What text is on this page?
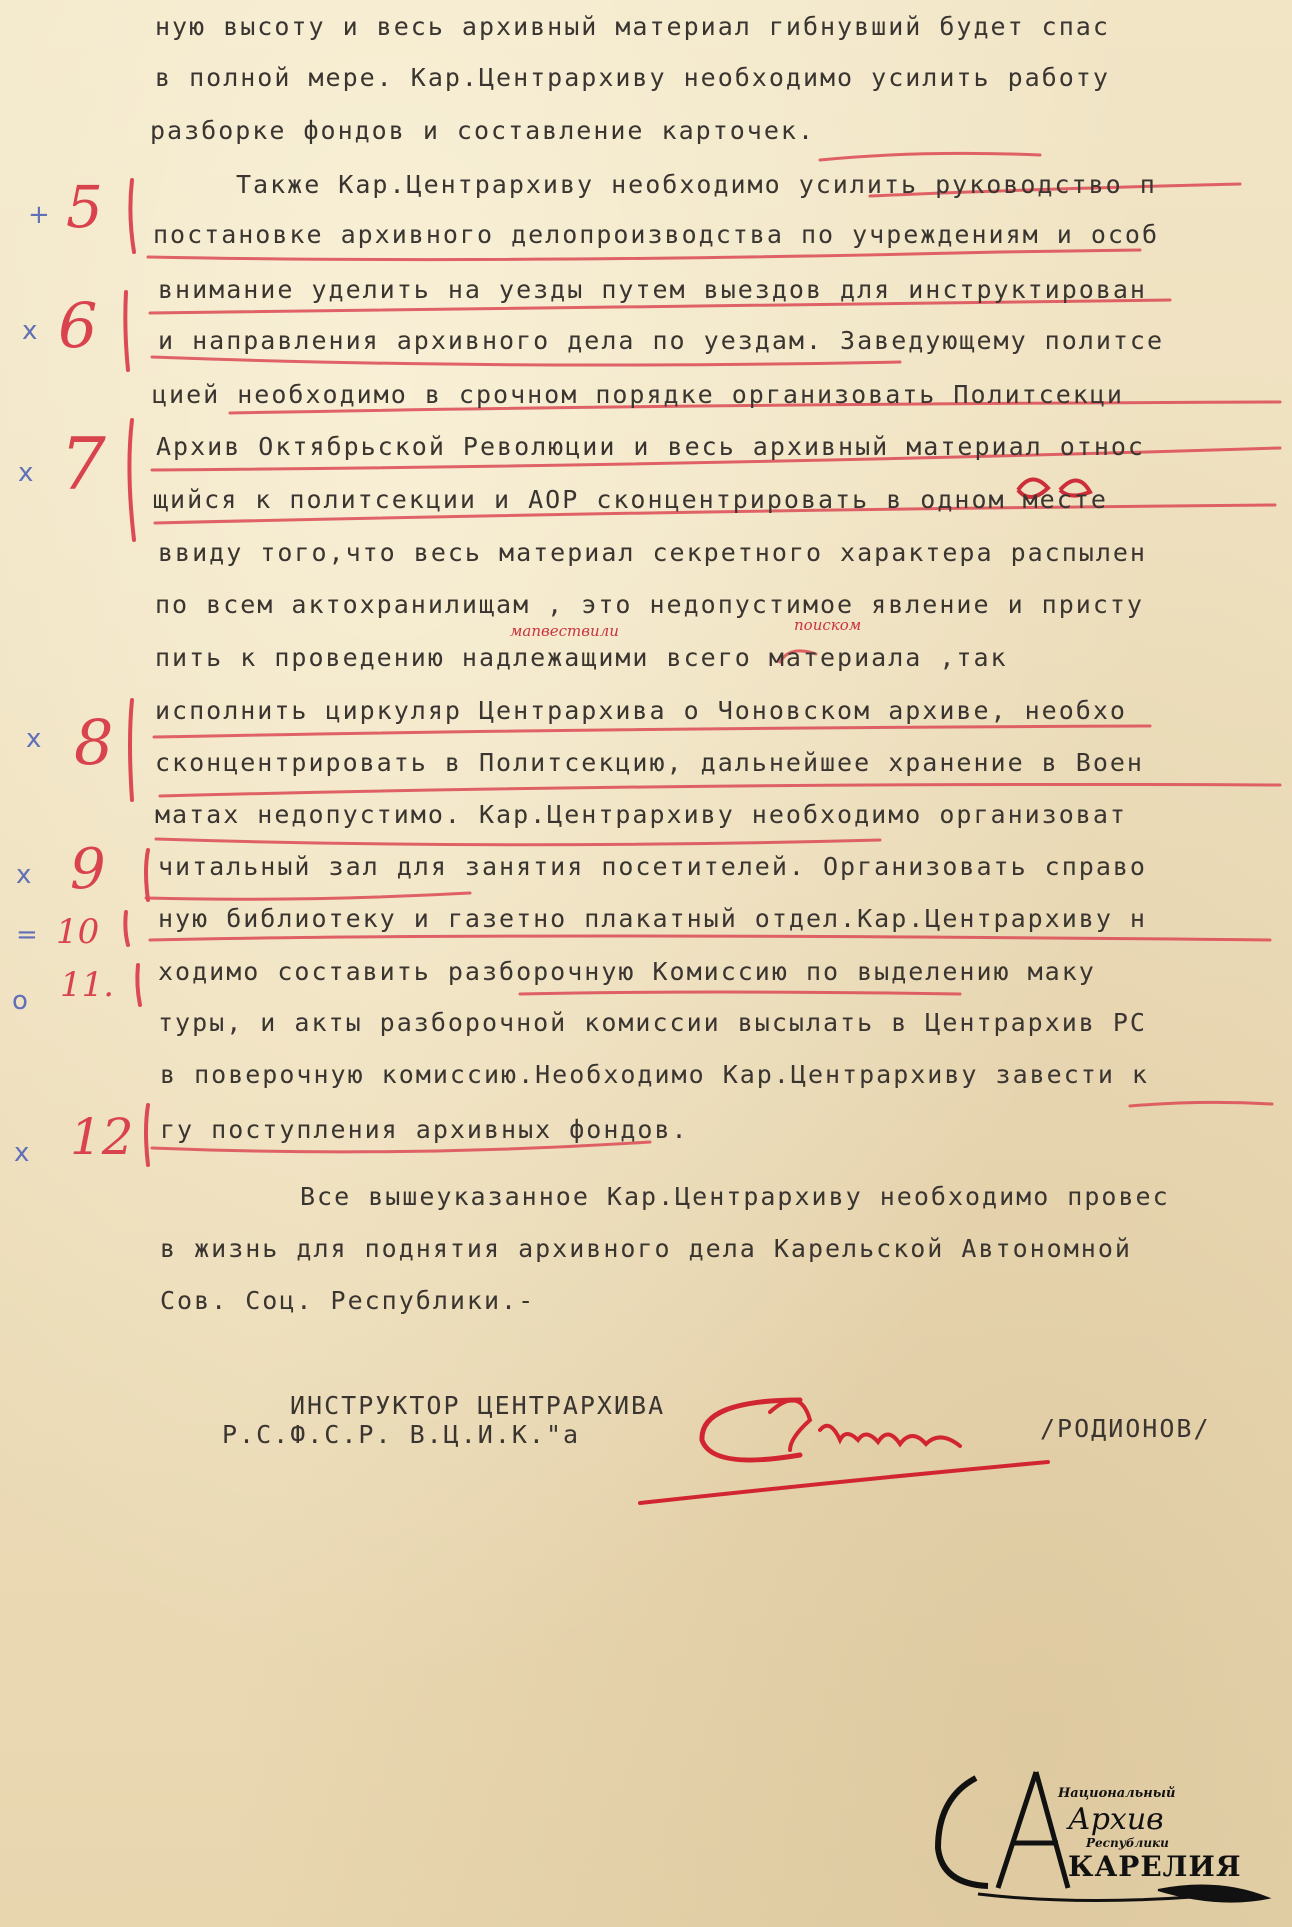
ную высоту и весь архивный материал гибнувший будет спас

в полной мере. Кар.Центрархиву необходимо усилить работу

разборке фондов и составление карточек.

Также Кар.Центрархиву необходимо усилить руководство п

постановке архивного делопроизводства по учреждениям и особ

внимание уделить на уезды путем выездов для инструктирован

и направления архивного дела по уездам. Заведующему политсе

цией необходимо в срочном порядке организовать Политсекци

Архив Октябрьской Революции и весь архивный материал относ

щийся к политсекции и АОР сконцентрировать в одном месте

ввиду того,что весь материал секретного характера распылен

по всем актохранилищам , это недопустимое явление и присту

пить к проведению надлежащими всего материала ,так

исполнить циркуляр Центрархива о Чоновском архиве, необхо

сконцентрировать в Политсекцию, дальнейшее хранение в Воен

матах недопустимо. Кар.Центрархиву необходимо организоват

читальный зал для занятия посетителей. Организовать справо

ную библиотеку и газетно плакатный отдел.Кар.Центрархиву н

ходимо составить разборочную Комиссию по выделению маку

туры, и акты разборочной комиссии высылать в Центрархив РС

в поверочную комиссию.Необходимо Кар.Центрархиву завести к

гу поступления архивных фондов.

Все вышеуказанное Кар.Центрархиву необходимо провес

в жизнь для поднятия архивного дела Карельской Автономной

Сов. Соц. Республики.-

мапвествили	поиском

5

6

7

8

9

10

11.

12

+

x

x

x

x

=

o

x

ИНСТРУКТОР ЦЕНТРАРХИВА

Р.С.Ф.С.Р. В.Ц.И.К."а	/РОДИОНОВ/

Национальный

Архив

Республики

КАРЕЛИЯ
